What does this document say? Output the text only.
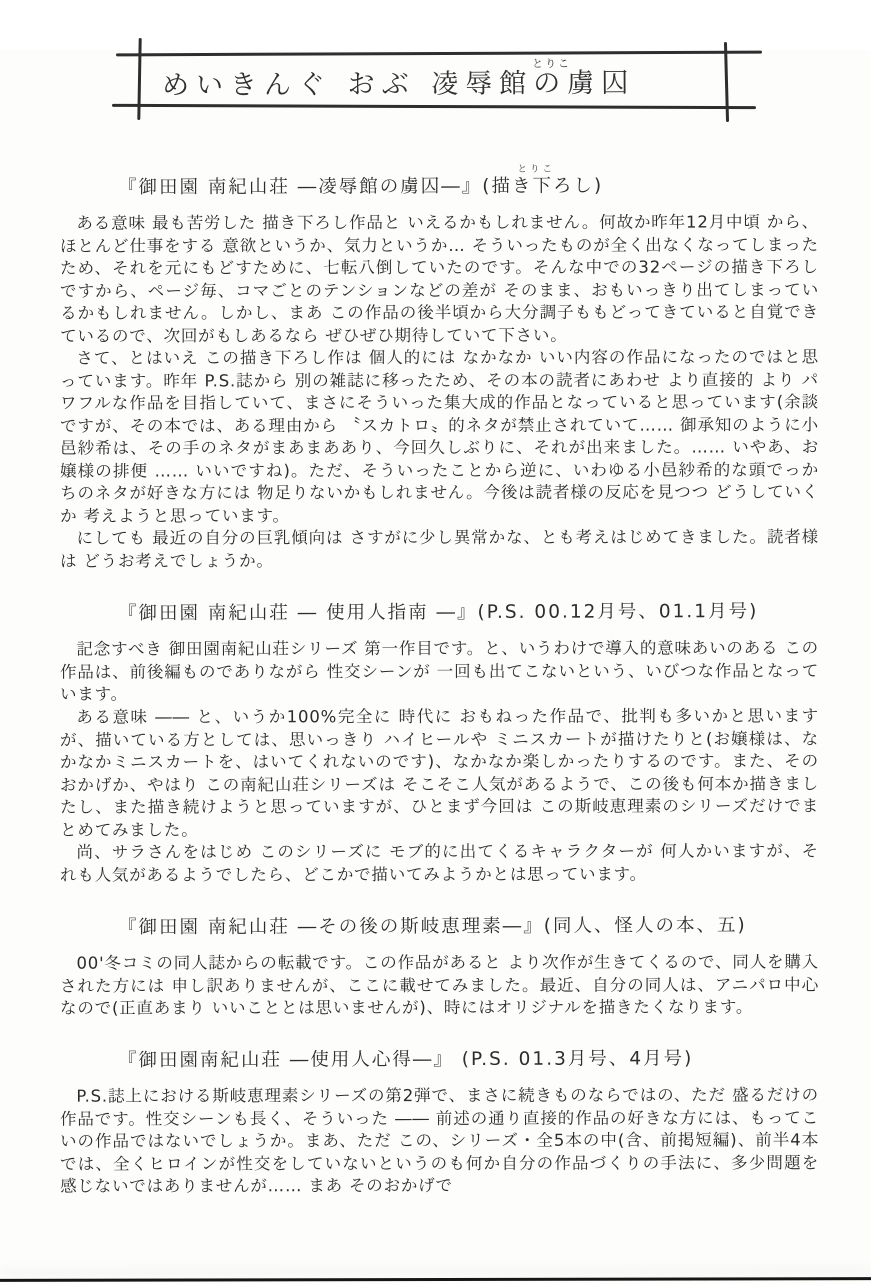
めいきんぐ おぶ 凌辱館の虜囚
とりこ
とりこ
『御田園 南紀山荘 ―凌辱館の虜囚―』(描き下ろし)

ある意味 最も苦労した 描き下ろし作品と いえるかもしれません。何故か昨年12月中頃 から、ほとんど仕事をする 意欲というか、気力というか… そういったものが全く出なくなってしまったため、それを元にもどすために、七転八倒していたのです。そんな中での32ページの描き下ろしですから、ページ毎、コマごとのテンションなどの差が そのまま、おもいっきり出てしまっているかもしれません。しかし、まあ この作品の後半頃から大分調子ももどってきていると自覚できているので、次回がもしあるなら ぜひぜひ期待していて下さい。

さて、とはいえ この描き下ろし作は 個人的には なかなか いい内容の作品になったのではと思っています。昨年 P.S.誌から 別の雑誌に移ったため、その本の読者にあわせ より直接的 より パワフルな作品を目指していて、まさにそういった集大成的作品となっていると思っています(余談ですが、その本では、ある理由から 〝スカトロ〟的ネタが禁止されていて…… 御承知のように小邑紗希は、その手のネタがまあまああり、今回久しぶりに、それが出来ました。…… いやあ、お嬢様の排便 …… いいですね)。ただ、そういったことから逆に、いわゆる小邑紗希的な頭でっかちのネタが好きな方には 物足りないかもしれません。今後は読者様の反応を見つつ どうしていくか 考えようと思っています。

にしても 最近の自分の巨乳傾向は さすがに少し異常かな、とも考えはじめてきました。読者様は どうお考えでしょうか。

『御田園 南紀山荘 ― 使用人指南 ―』(P.S. 00.12月号、01.1月号)

記念すべき 御田園南紀山荘シリーズ 第一作目です。と、いうわけで導入的意味あいのある この作品は、前後編ものでありながら 性交シーンが 一回も出てこないという、いびつな作品となっています。

ある意味 ―― と、いうか100%完全に 時代に おもねった作品で、批判も多いかと思いますが、描いている方としては、思いっきり ハイヒールや ミニスカートが描けたりと(お嬢様は、なかなかミニスカートを、はいてくれないのです)、なかなか楽しかったりするのです。また、そのおかげか、やはり この南紀山荘シリーズは そこそこ人気があるようで、この後も何本か描きましたし、また描き続けようと思っていますが、ひとまず今回は この斯岐恵理素のシリーズだけでまとめてみました。

尚、サラさんをはじめ このシリーズに モブ的に出てくるキャラクターが 何人かいますが、それも人気があるようでしたら、どこかで描いてみようかとは思っています。

『御田園 南紀山荘 ―その後の斯岐恵理素―』(同人、怪人の本、五)

00'冬コミの同人誌からの転載です。この作品があると より次作が生きてくるので、同人を購入された方には 申し訳ありませんが、ここに載せてみました。最近、自分の同人は、アニパロ中心なので(正直あまり いいこととは思いませんが)、時にはオリジナルを描きたくなります。

『御田園南紀山荘 ―使用人心得―』 (P.S. 01.3月号、4月号)

P.S.誌上における斯岐恵理素シリーズの第2弾で、まさに続きものならではの、ただ 盛るだけの作品です。性交シーンも長く、そういった ―― 前述の通り直接的作品の好きな方には、もってこいの作品ではないでしょうか。まあ、ただ この、シリーズ・全5本の中(含、前掲短編)、前半4本では、全くヒロインが性交をしていないというのも何か自分の作品づくりの手法に、多少問題を感じないではありませんが…… まあ そのおかげで
